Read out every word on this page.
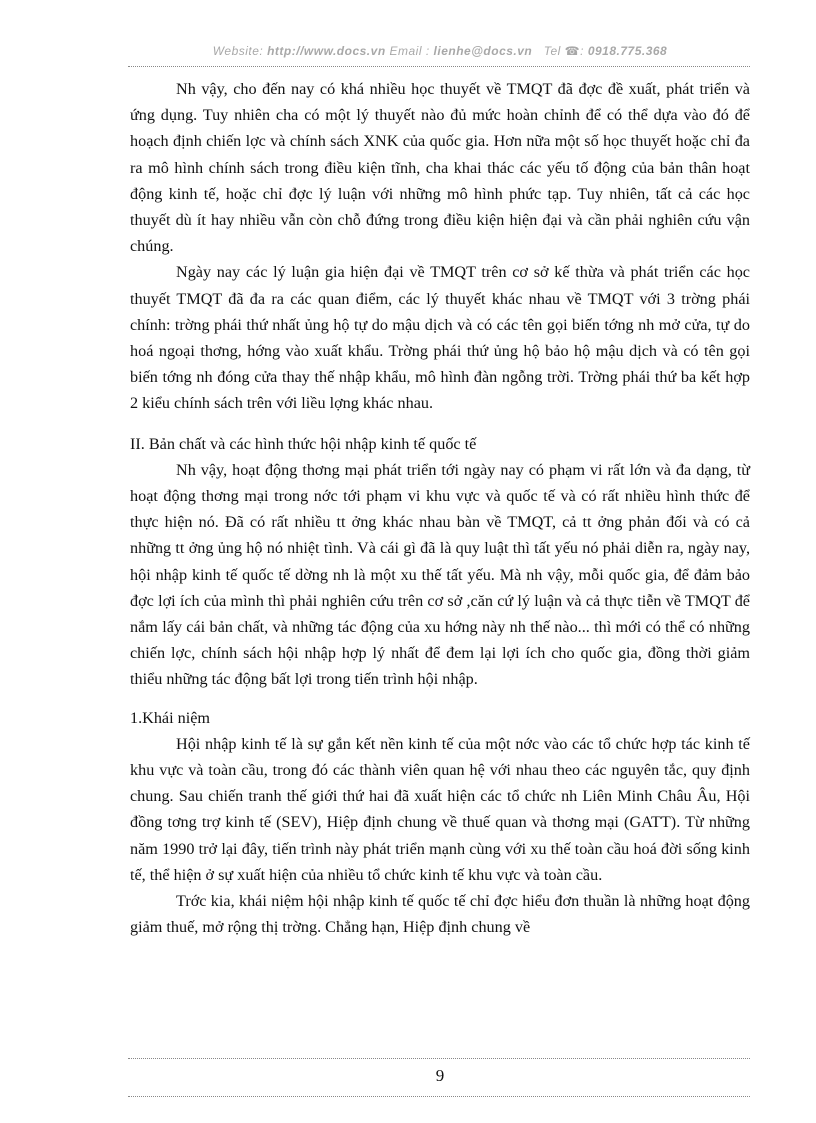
Website: http://www.docs.vn Email : lienhe@docs.vn Tel ☎: 0918.775.368

Nh vậy, cho đến nay có khá nhiều học thuyết về TMQT đã đợc đề xuất, phát triển và ứng dụng. Tuy nhiên cha có một lý thuyết nào đủ mức hoàn chỉnh để có thể dựa vào đó để hoạch định chiến lợc và chính sách XNK của quốc gia. Hơn nữa một số học thuyết hoặc chỉ đa ra mô hình chính sách trong điều kiện tĩnh, cha khai thác các yếu tố động của bản thân hoạt động kinh tế, hoặc chỉ đợc lý luận với những mô hình phức tạp. Tuy nhiên, tất cả các học thuyết dù ít hay nhiều vẫn còn chỗ đứng trong điều kiện hiện đại và cần phải nghiên cứu vận chúng.

Ngày nay các lý luận gia hiện đại về TMQT trên cơ sở kế thừa và phát triển các học thuyết TMQT đã đa ra các quan điểm, các lý thuyết khác nhau về TMQT với 3 trờng phái chính: trờng phái thứ nhất ủng hộ tự do mậu dịch và có các tên gọi biến tớng nh mở cửa, tự do hoá ngoại thơng, hớng vào xuất khẩu. Trờng phái thứ ủng hộ bảo hộ mậu dịch và có tên gọi biến tớng nh đóng cửa thay thế nhập khẩu, mô hình đàn ngỗng trời. Trờng phái thứ ba kết hợp 2 kiểu chính sách trên với liều lợng khác nhau.

II. Bản chất và các hình thức hội nhập kinh tế quốc tế

Nh vậy, hoạt động thơng mại phát triển tới ngày nay có phạm vi rất lớn và đa dạng, từ hoạt động thơng mại trong nớc tới phạm vi khu vực và quốc tế và có rất nhiều hình thức để thực hiện nó. Đã có rất nhiều tt ởng khác nhau bàn về TMQT, cả tt ởng phản đối và có cả những tt ởng ủng hộ nó nhiệt tình. Và cái gì đã là quy luật thì tất yếu nó phải diễn ra, ngày nay, hội nhập kinh tế quốc tế dờng nh là một xu thế tất yếu. Mà nh vậy, mỗi quốc gia, để đảm bảo đợc lợi ích của mình thì phải nghiên cứu trên cơ sở ,căn cứ lý luận và cả thực tiễn về TMQT để nắm lấy cái bản chất, và những tác động của xu hớng này nh thế nào... thì mới có thể có những chiến lợc, chính sách hội nhập hợp lý nhất để đem lại lợi ích cho quốc gia, đồng thời giảm thiểu những tác động bất lợi trong tiến trình hội nhập.

1.Khái niệm

Hội nhập kinh tế là sự gắn kết nền kinh tế của một nớc vào các tổ chức hợp tác kinh tế khu vực và toàn cầu, trong đó các thành viên quan hệ với nhau theo các nguyên tắc, quy định chung. Sau chiến tranh thế giới thứ hai đã xuất hiện các tổ chức nh Liên Minh Châu Âu, Hội đồng tơng trợ kinh tế (SEV), Hiệp định chung về thuế quan và thơng mại (GATT). Từ những năm 1990 trở lại đây, tiến trình này phát triển mạnh cùng với xu thế toàn cầu hoá đời sống kinh tế, thể hiện ở sự xuất hiện của nhiều tổ chức kinh tế khu vực và toàn cầu.

Trớc kia, khái niệm hội nhập kinh tế quốc tế chỉ đợc hiểu đơn thuần là những hoạt động giảm thuế, mở rộng thị trờng. Chẳng hạn, Hiệp định chung về

9
